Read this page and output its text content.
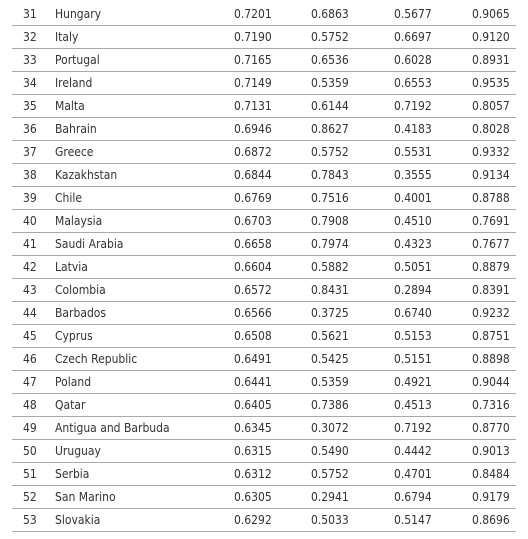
31	Hungary	0.7201	0.6863	0.5677	0.9065
32	Italy	0.7190	0.5752	0.6697	0.9120
33	Portugal	0.7165	0.6536	0.6028	0.8931
34	Ireland	0.7149	0.5359	0.6553	0.9535
35	Malta	0.7131	0.6144	0.7192	0.8057
36	Bahrain	0.6946	0.8627	0.4183	0.8028
37	Greece	0.6872	0.5752	0.5531	0.9332
38	Kazakhstan	0.6844	0.7843	0.3555	0.9134
39	Chile	0.6769	0.7516	0.4001	0.8788
40	Malaysia	0.6703	0.7908	0.4510	0.7691
41	Saudi Arabia	0.6658	0.7974	0.4323	0.7677
42	Latvia	0.6604	0.5882	0.5051	0.8879
43	Colombia	0.6572	0.8431	0.2894	0.8391
44	Barbados	0.6566	0.3725	0.6740	0.9232
45	Cyprus	0.6508	0.5621	0.5153	0.8751
46	Czech Republic	0.6491	0.5425	0.5151	0.8898
47	Poland	0.6441	0.5359	0.4921	0.9044
48	Qatar	0.6405	0.7386	0.4513	0.7316
49	Antigua and Barbuda	0.6345	0.3072	0.7192	0.8770
50	Uruguay	0.6315	0.5490	0.4442	0.9013
51	Serbia	0.6312	0.5752	0.4701	0.8484
52	San Marino	0.6305	0.2941	0.6794	0.9179
53	Slovakia	0.6292	0.5033	0.5147	0.8696
